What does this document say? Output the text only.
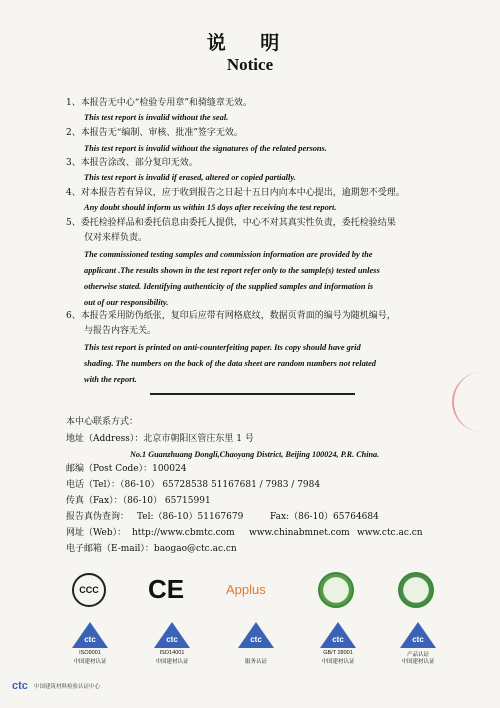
说 明
Notice
1、本报告无中心“检验专用章”和骑缝章无效。
This test report is invalid without the seal.
2、本报告无“编制、审核、批准”签字无效。
This test report is invalid without the signatures of the related persons.
3、本报告涂改、部分复印无效。
This test report is invalid if erased, altered or copied partially.
4、对本报告若有异议，应于收到报告之日起十五日内向本中心提出，逾期恕不受理。
Any doubt should inform us within 15 days after receiving the test report.
5、委托检验样品和委托信息由委托人提供，中心不对其真实性负责，委托检验结果
仅对来样负责。
The commissioned testing samples and commission information are provided by the
applicant .The results shown in the test report refer only to the sample(s) tested unless
otherwise stated. Identifying authenticity of the supplied samples and information is
out of our responsibility.
6、本报告采用防伪纸张，复印后应带有网格底纹，数据页背面的编号为随机编号，
与报告内容无关。
This test report is printed on anti-counterfeiting paper. Its copy should have grid
shading. The numbers on the back of the data sheet are random numbers not related
with the report.
本中心联系方式：
地址（Address）：北京市朝阳区管庄东里 1 号
No.1 Guanzhuang Dongli,Chaoyang District, Beijing 100024, P.R. China.
邮编（Post Code）：100024
电话（Tel）：（86-10） 65728538 51167681 / 7983 / 7984
传真（Fax）：（86-10） 65715991
报告真伪查询： Tel:（86-10）51167679	Fax:（86-10）65764684
网址（Web）： http://www.cbmtc.com www.chinabmnet.com www.ctc.ac.cn
电子邮箱（E-mail）：baogao@ctc.ac.cn
CCC CE	Applus
ctc
ISO9001
中国建材认证
ctc
ISO14001
中国建材认证
ctc
服务认证
ctc
GB/T 28001
中国建材认证
ctc
产品认证
中国建材认证
ctc 中国建筑材料检验认证中心
